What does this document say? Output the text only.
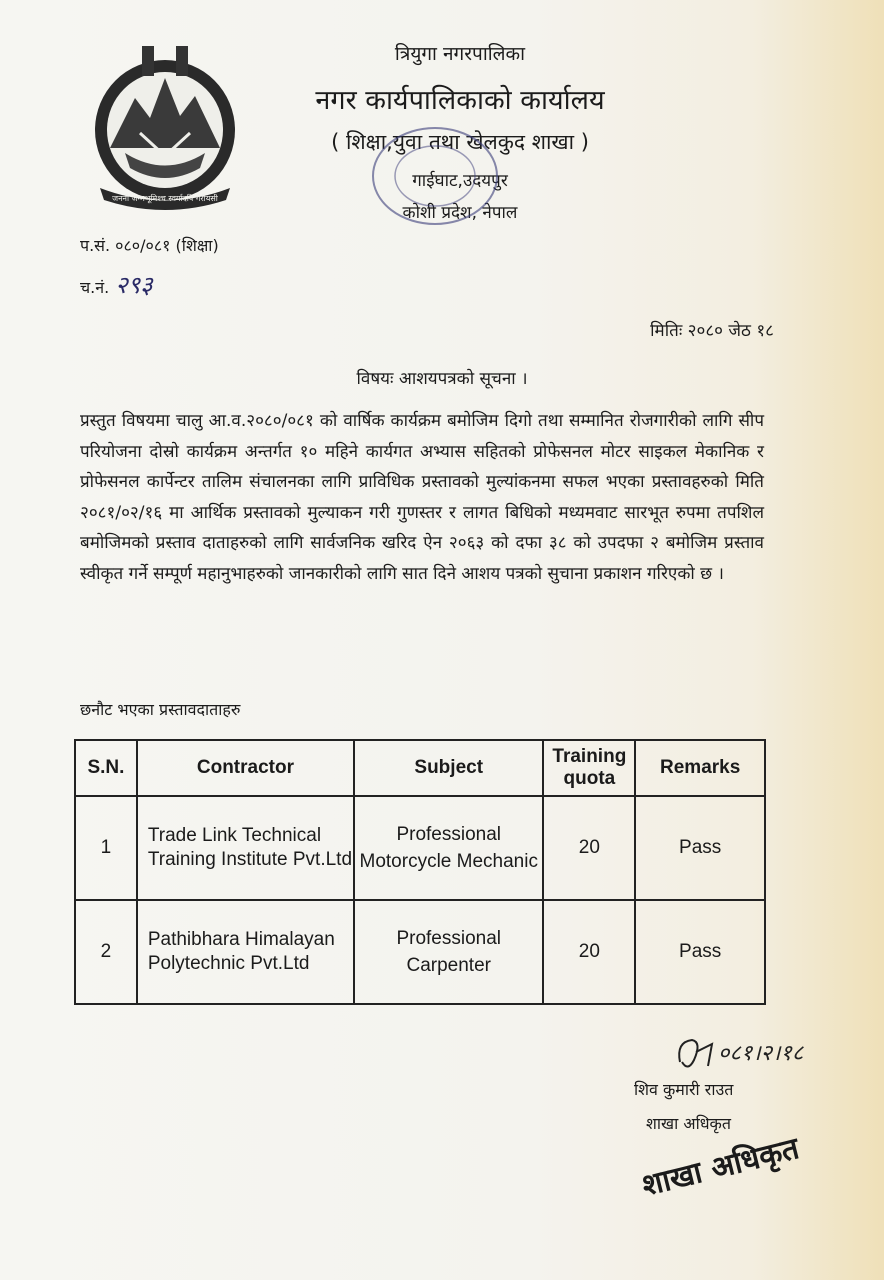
जननी जन्मभूमिश्च स्वर्गादपि गरीयसी
त्रियुगा नगरपालिका
नगर कार्यपालिकाको कार्यालय
( शिक्षा,युवा तथा खेलकुद शाखा )
गाईघाट,उदयपुर
कोशी प्रदेश, नेपाल
प.सं. ०८०/०८१ (शिक्षा)
च.नं. २९३
मितिः २०८० जेठ १८
विषयः आशयपत्रको सूचना ।
प्रस्तुत विषयमा चालु आ.व.२०८०/०८१ को वार्षिक कार्यक्रम बमोजिम दिगो तथा सम्मानित रोजगारीको लागि सीप परियोजना दोस्रो कार्यक्रम अन्तर्गत १० महिने कार्यगत अभ्यास सहितको प्रोफेसनल मोटर साइकल मेकानिक र प्रोफेसनल कार्पेन्टर तालिम संचालनका लागि प्राविधिक प्रस्तावको मुल्यांकनमा सफल भएका प्रस्तावहरुको मिति २०८१/०२/१६ मा आर्थिक प्रस्तावको मुल्याकन गरी गुणस्तर र लागत बिधिको मध्यमवाट सारभूत रुपमा तपशिल बमोजिमको प्रस्ताव दाताहरुको लागि सार्वजनिक खरिद ऐन २०६३ को दफा ३८ को उपदफा २ बमोजिम प्रस्ताव स्वीकृत गर्ने सम्पूर्ण महानुभाहरुको जानकारीको लागि सात दिने आशय पत्रको सुचाना प्रकाशन गरिएको छ ।
छनौट भएका प्रस्तावदाताहरु
S.N.	Contractor	Subject	Training quota	Remarks
1	Trade Link Technical Training Institute Pvt.Ltd	Professional Motorcycle Mechanic	20	Pass
2	Pathibhara Himalayan Polytechnic Pvt.Ltd	Professional Carpenter	20	Pass
०८१।२।१८
शिव कुमारी राउत
शाखा अधिकृत
शाखा अधिकृत
